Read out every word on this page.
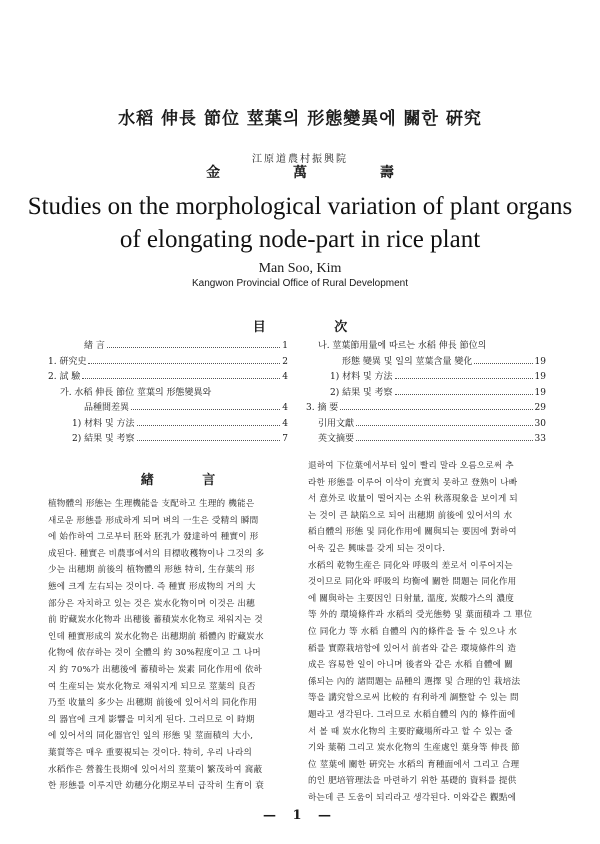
水稻 伸長 節位 莖葉의 形態變異에 關한 硏究
江原道農村振興院
金 萬 壽
Studies on the morphological variation of plant organs
of elongating node-part in rice plant
Man Soo, Kim
Kangwon Provincial Office of Rural Development
目 次
緖 言	1
1. 硏究史	2
2. 試 驗	4
가. 水稻 伸長 節位 莖葉의 形態變異와
品種間差異	4
1) 材料 및 方法	4
2) 結果 및 考察	7
나. 莖葉節用量에 따르는 水稻 伸長 節位의
形態 變異 및 일의 莖葉含量 變化	19
1) 材料 및 方法	19
2) 結果 및 考察	19
3. 摘 要	29
引用文獻	30
英文摘要	33
緖 言
植物體의 形態는 生理機能을 支配하고 生理的 機能은
새로운 形態를 形成하게 되며 벼의 一生은 受精의 瞬間
에 始作하여 그로부터 胚와 胚乳가 發達하여 種實이 形
成된다. 種實은 비農事에서의 目標收穫物이나 그것의 多
少는 出穗期 前後의 植物體의 形態 特히, 生存葉의 形
態에 크게 左右되는 것이다. 즉 種實 形成物의 거의 大
部分은 자치하고 있는 것은 炭水化物이며 이것은 出穗
前 貯藏炭水化物과 出穗後 蓄積炭水化物로 채워지는 것
인데 種實形成의 炭水化物은 出穗期前 稻體內 貯藏炭水
化物에 依存하는 것이 全體의 約 30%程度이고 그 나머
지 約 70%가 出穗後에 蓄積하는 炭素 同化作用에 依하
여 生産되는 炭水化物로 채워지게 되므로 莖葉의 良否
乃至 收量의 多少는 出穗期 前後에 있어서의 同化作用
의 器官에 크게 影響을 미치게 된다. 그러므로 이 時期
에 있어서의 同化器官인 잎의 形態 및 莖面積의 大小,
葉質等은 매우 重要視되는 것이다. 特히, 우리 나라의
水稻作은 營養生長期에 있어서의 莖葉이 繁茂하여 窩蔽
한 形態를 이루지만 幼穗分化期로부터 급작히 生育이 衰
退하여 下位葉에서부터 잎이 빨리 말라 오름으로써 추
라한 形態를 이루어 이삭이 充實치 못하고 登熟이 나빠
서 意外로 收量이 떨어지는 소위 秋落現象을 보이게 되
는 것이 큰 缺陷으로 되어 出穗期 前後에 있어서의 水
稻自體의 形態 및 同化作用에 關與되는 要因에 對하여
어욱 깊은 興味를 갖게 되는 것이다.
水稻의 乾物生産은 同化와 呼吸의 差로서 이루어지는
것이므로 同化와 呼吸의 均衡에 關한 問題는 同化作用
에 關與하는 主要因인 日射量, 溫度, 炭酸가스의 濃度
等 外的 環境條件과 水稻의 受光態勢 및 葉面積과 그 單位
位 同化力 等 水稻 自體의 內的條件을 들 수 있으나 水
稻를 實際栽培함에 있어서 前者와 같은 環境條件의 造
成은 容易한 일이 아니며 後者와 같은 水稻 自體에 關
係되는 內的 諸問題는 品種의 選擇 및 合理的인 栽培法
等을 講究함으로써 比較的 有利하게 調整할 수 있는 問
題라고 생각된다. 그러므로 水稻自體의 內的 條件面에
서 볼 때 炭水化物의 主要貯藏場所라고 할 수 있는 줄
기와 葉鞘 그리고 炭水化物의 生産處인 葉身等 伸長 節
位 莖葉에 關한 硏究는 水稻의 育種面에서 그리고 合理
的인 肥培管理法을 마련하기 위한 基礎的 資料를 提供
하는데 큰 도움이 되리라고 생각된다. 이와같은 觀點에
— 1 —
